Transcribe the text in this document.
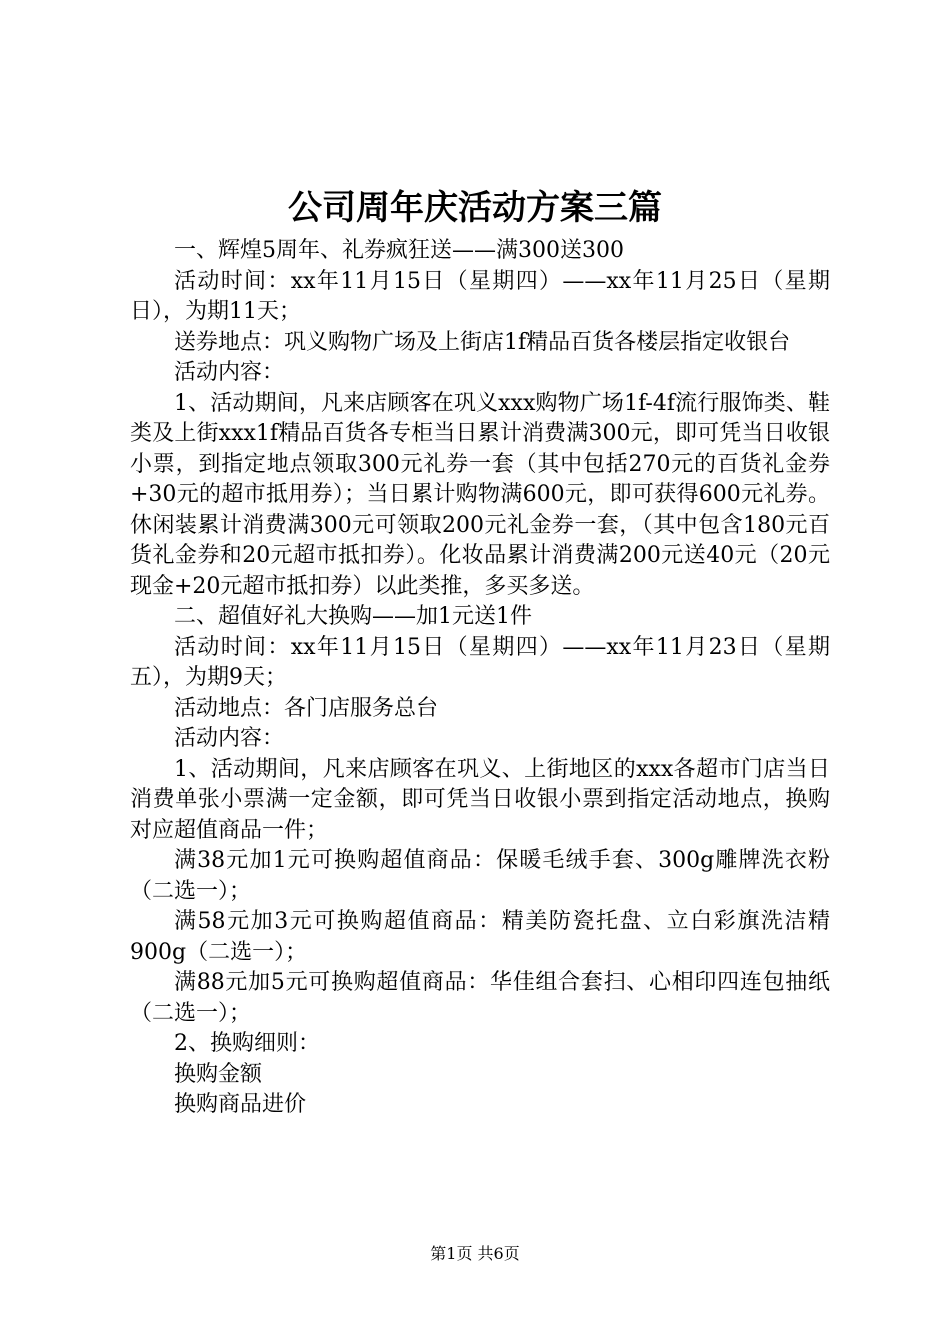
公司周年庆活动方案三篇

一、辉煌5周年、礼券疯狂送——满300送300

活动时间：xx年11月15日（星期四）——xx年11月25日（星期日），为期11天；

送券地点：巩义购物广场及上街店1f精品百货各楼层指定收银台

活动内容：

1、活动期间，凡来店顾客在巩义xxx购物广场1f-4f流行服饰类、鞋类及上街xxx1f精品百货各专柜当日累计消费满300元，即可凭当日收银小票，到指定地点领取300元礼券一套（其中包括270元的百货礼金券+30元的超市抵用券）；当日累计购物满600元，即可获得600元礼券。休闲装累计消费满300元可领取200元礼金券一套，（其中包含180元百货礼金券和20元超市抵扣券）。化妆品累计消费满200元送40元（20元现金+20元超市抵扣券）以此类推，多买多送。

二、超值好礼大换购——加1元送1件

活动时间：xx年11月15日（星期四）——xx年11月23日（星期五），为期9天；

活动地点：各门店服务总台

活动内容：

1、活动期间，凡来店顾客在巩义、上街地区的xxx各超市门店当日消费单张小票满一定金额，即可凭当日收银小票到指定活动地点，换购对应超值商品一件；

满38元加1元可换购超值商品：保暖毛绒手套、300g雕牌洗衣粉（二选一）；

满58元加3元可换购超值商品：精美防瓷托盘、立白彩旗洗洁精900g（二选一）；

满88元加5元可换购超值商品：华佳组合套扫、心相印四连包抽纸（二选一）；

2、换购细则：

换购金额

换购商品进价

第1页 共6页
